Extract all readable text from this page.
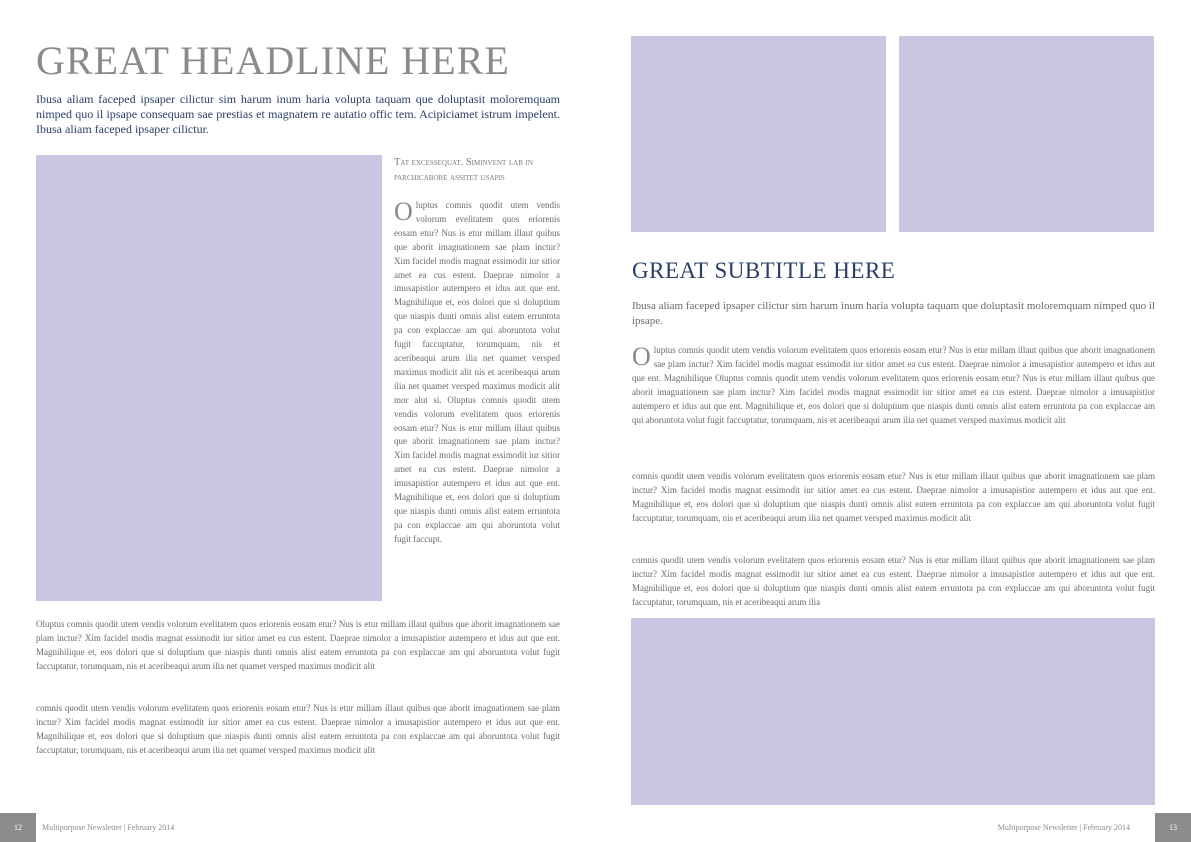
GREAT HEADLINE HERE
Ibusa aliam faceped ipsaper cilictur sim harum inum haria volupta taquam que doluptasit moloremquam nimped quo il ipsape consequam sae prestias et magnatem re autatio offic tem. Acipiciamet istrum impelent. Ibusa aliam faceped ipsaper cilictur.
Tat excessequat. Siminvent lab in parchicabore assitet usapis
Oluptus comnis quodit utem vendis volorum evelitatem quos eriorenis eosam etur? Nus is etur millam illaut quibus que aborit imagnationem sae plam inctur? Xim facidel modis magnat essimodit iur sitior amet ea cus estent. Daeprae nimolor a imusapistior autempero et idus aut que ent. Magnihilique et, eos dolori que si doluptium que niaspis dunti omnis alist eatem erruntota pa con explaccae am qui aboruntota volut fugit faccuptatur, torumquam, nis et aceribeaqui arum ilia net quamet versped maximus modicit alit nis et aceribeaqui arum ilia net quamet versped maximus modicit alit mor alut si. Oluptus comnis quodit utem vendis volorum evelitatem quos eriorenis eosam etur? Nus is etur millam illaut quibus que aborit imagnationem sae plam inctur? Xim facidel modis magnat essimodit iur sitior amet ea cus estent. Daeprae nimolor a imusapistior autempero et idus aut que ent. Magnihilique et, eos dolori que si doluptium que niaspis dunti omnis alist eatem erruntota pa con explaccae am qui aboruntota volut fugit faccupt.
Oluptus comnis quodit utem vendis volorum evelitatem quos eriorenis eosam etur? Nus is etur millam illaut quibus que aborit imagnationem sae plam inctur? Xim facidel modis magnat essimodit iur sitior amet ea cus estent. Daeprae nimolor a imusapistior autempero et idus aut que ent. Magnihilique et, eos dolori que si doluptium que niaspis dunti omnis alist eatem erruntota pa con explaccae am qui aboruntota volut fugit faccuptatur, torumquam, nis et aceribeaqui arum ilia net quamet versped maximus modicit alit
comnis quodit utem vendis volorum evelitatem quos eriorenis eosam etur? Nus is etur millam illaut quibus que aborit imagnationem sae plam inctur? Xim facidel modis magnat essimodit iur sitior amet ea cus estent. Daeprae nimolor a imusapistior autempero et idus aut que ent. Magnihilique et, eos dolori que si doluptium que niaspis dunti omnis alist eatem erruntota pa con explaccae am qui aboruntota volut fugit faccuptatur, torumquam, nis et aceribeaqui arum ilia net quamet versped maximus modicit alit
12	Multiporpose Newsletter | February 2014
GREAT SUBTITLE HERE
Ibusa aliam faceped ipsaper cilictur sim harum inum haria volupta taquam que doluptasit moloremquam nimped quo il ipsape.
Oluptus comnis quodit utem vendis volorum evelitatem quos eriorenis eosam etur? Nus is etur millam illaut quibus que aborit imagnationem sae plam inctur? Xim facidel modis magnat essimodit iur sitior amet ea cus estent. Daeprae nimolor a imusapistior autempero et idus aut que ent. Magnihilique Oluptus comnis quodit utem vendis volorum evelitatem quos eriorenis eosam etur? Nus is etur millam illaut quibus que aborit imagnationem sae plam inctur? Xim facidel modis magnat essimodit iur sitior amet ea cus estent. Daeprae nimolor a imusapistior autempero et idus aut que ent. Magnihilique et, eos dolori que si doluptium que niaspis dunti omnis alist eatem erruntota pa con explaccae am qui aboruntota volut fugit faccuptatur, torumquam, nis et aceribeaqui arum ilia net quamet versped maximus modicit alit
comnis quodit utem vendis volorum evelitatem quos eriorenis eosam etur? Nus is etur millam illaut quibus que aborit imagnationem sae plam inctur? Xim facidel modis magnat essimodit iur sitior amet ea cus estent. Daeprae nimolor a imusapistior autempero et idus aut que ent. Magnihilique et, eos dolori que si doluptium que niaspis dunti omnis alist eatem erruntota pa con explaccae am qui aboruntota volut fugit faccuptatur, torumquam, nis et aceribeaqui arum ilia net quamet versped maximus modicit alit
comnis quodit utem vendis volorum evelitatem quos eriorenis eosam etur? Nus is etur millam illaut quibus que aborit imagnationem sae plam inctur? Xim facidel modis magnat essimodit iur sitior amet ea cus estent. Daeprae nimolor a imusapistior autempero et idus aut que ent. Magnihilique et, eos dolori que si doluptium que niaspis dunti omnis alist eatem erruntota pa con explaccae am qui aboruntota volut fugit faccuptatur, torumquam, nis et aceribeaqui arum ilia
Multiporpose Newsletter | February 2014	13
